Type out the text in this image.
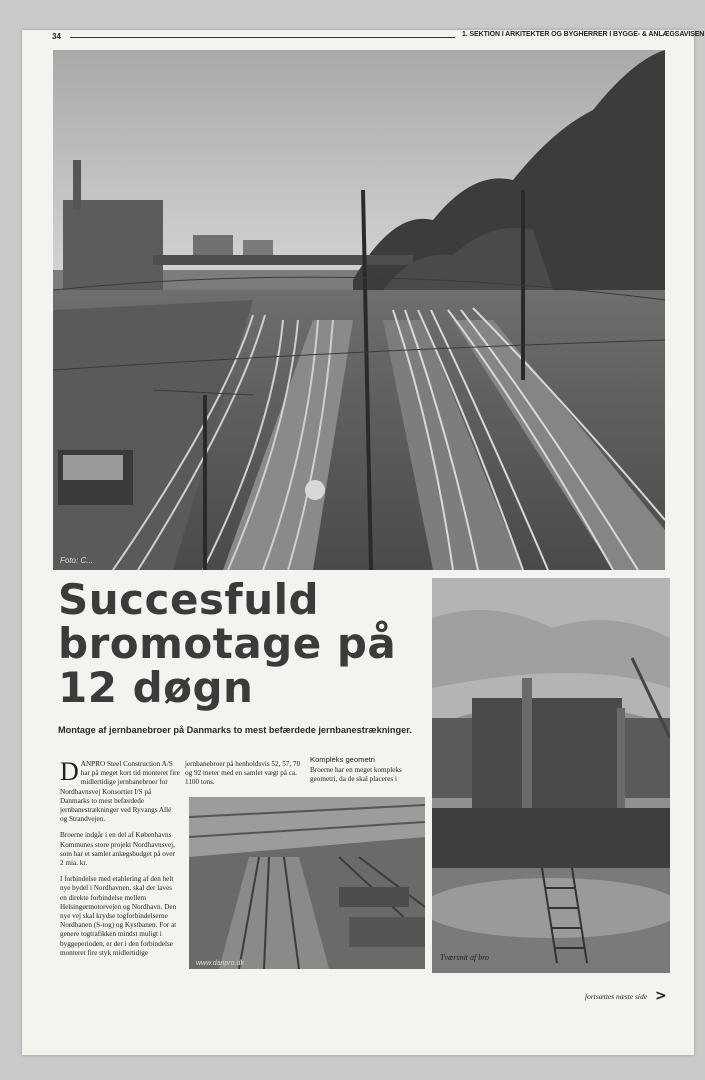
34	1. SEKTION I ARKITEKTER OG BYGHERRER I BYGGE- & ANLÆGSAVISEN
Foto: C...
Succesfuld
bromotage på
12 døgn
Montage af jernbanebroer på Danmarks to mest befærdede jernbanestrækninger.

DANPRO Steel Construction A/S har på meget kort tid monteret fire midlertidige jernbanebroer for Nordhavnsvej Konsortiet I/S på Danmarks to mest befærdede jernbanestrækninger ved Ryvangs Allé og Strandvejen.

Broerne indgår i en del af Københavns Kommunes store projekt Nordhavnsvej, som har et samlet anlægsbudget på over 2 mia. kr.

I forbindelse med etablering af den helt nye bydel i Nordhavnen, skal der laves en direkte forbindelse mellem Helsingørmotorvejen og Nordhavn. Den nye vej skal krydse togforbindelserne Nordbanen (S-tog) og Kystbanen. For at genere togtrafikken mindst muligt i byggeperioden, er der i den forbindelse monteret fire styk midlertidige

jernbanebroer på henholdsvis 52, 57, 70 og 92 meter med en samlet vægt på ca. 1100 tons.

Kompleks geometri

Broerne har en meget kompleks geometri, da de skal placeres i

www.danpro.dk
Tværsnit af bro
fortsættes næste side >
